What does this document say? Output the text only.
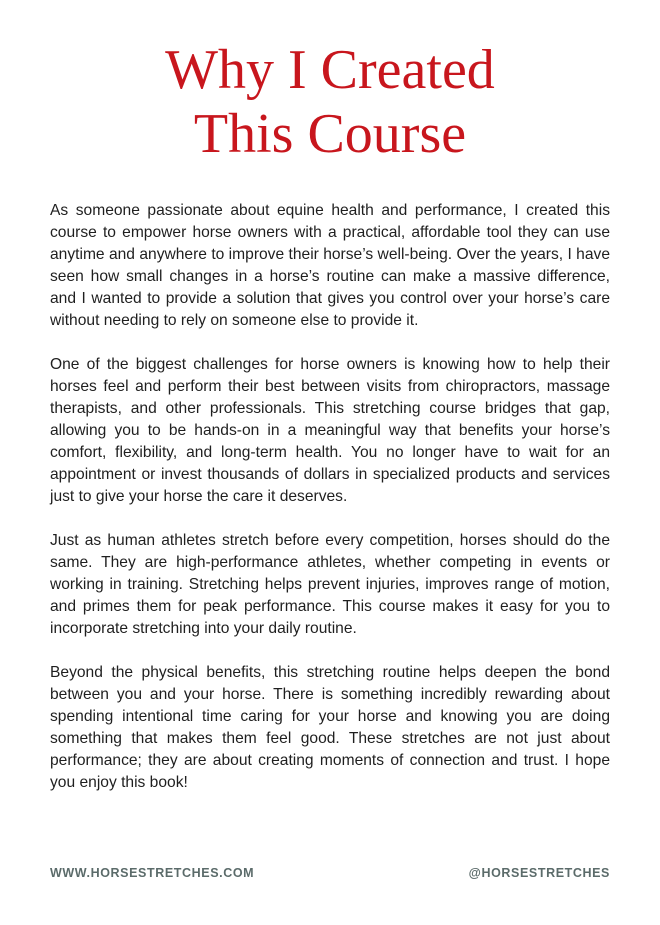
Why I Created
This Course

As someone passionate about equine health and performance, I created this course to empower horse owners with a practical, affordable tool they can use anytime and anywhere to improve their horse’s well-being. Over the years, I have seen how small changes in a horse’s routine can make a massive difference, and I wanted to provide a solution that gives you control over your horse’s care without needing to rely on someone else to provide it.

One of the biggest challenges for horse owners is knowing how to help their horses feel and perform their best between visits from chiropractors, massage therapists, and other professionals. This stretching course bridges that gap, allowing you to be hands-on in a meaningful way that benefits your horse’s comfort, flexibility, and long-term health. You no longer have to wait for an appointment or invest thousands of dollars in specialized products and services just to give your horse the care it deserves.

Just as human athletes stretch before every competition, horses should do the same. They are high-performance athletes, whether competing in events or working in training. Stretching helps prevent injuries, improves range of motion, and primes them for peak performance. This course makes it easy for you to incorporate stretching into your daily routine.

Beyond the physical benefits, this stretching routine helps deepen the bond between you and your horse. There is something incredibly rewarding about spending intentional time caring for your horse and knowing you are doing something that makes them feel good. These stretches are not just about performance; they are about creating moments of connection and trust. I hope you enjoy this book!

WWW.HORSESTRETCHES.COM	@HORSESTRETCHES
